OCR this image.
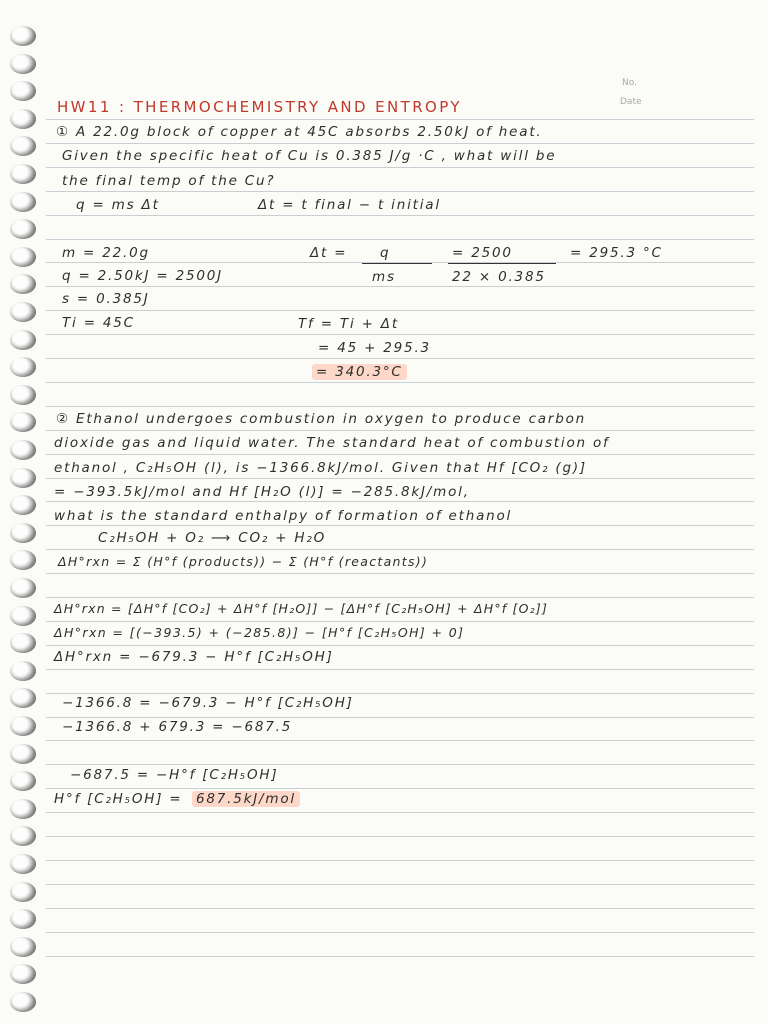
No.
Date
HW11 : THERMOCHEMISTRY AND ENTROPY
① A 22.0g block of copper at 45C absorbs 2.50kJ of heat.
Given the specific heat of Cu is 0.385 J/g ·C , what will be
the final temp of the Cu?
q = ms Δt	Δt = t final − t initial
m = 22.0g
q = 2.50kJ = 2500J
s = 0.385J
Ti = 45C
Δt = q
ms
= 2500
22 × 0.385
= 295.3 °C
Tf = Ti + Δt
= 45 + 295.3
= 340.3°C
② Ethanol undergoes combustion in oxygen to produce carbon
dioxide gas and liquid water. The standard heat of combustion of
ethanol , C₂H₅OH (l), is −1366.8kJ/mol. Given that Hf [CO₂ (g)]
= −393.5kJ/mol and Hf [H₂O (l)] = −285.8kJ/mol,
what is the standard enthalpy of formation of ethanol
C₂H₅OH + O₂ ⟶ CO₂ + H₂O
ΔH°rxn = Σ (H°f (products)) − Σ (H°f (reactants))
ΔH°rxn = [ΔH°f [CO₂] + ΔH°f [H₂O]] − [ΔH°f [C₂H₅OH] + ΔH°f [O₂]]
ΔH°rxn = [(−393.5) + (−285.8)] − [H°f [C₂H₅OH] + 0]
ΔH°rxn = −679.3 − H°f [C₂H₅OH]
−1366.8 = −679.3 − H°f [C₂H₅OH]
−1366.8 + 679.3 = −687.5
−687.5 = −H°f [C₂H₅OH]
H°f [C₂H₅OH] = 687.5kJ/mol
